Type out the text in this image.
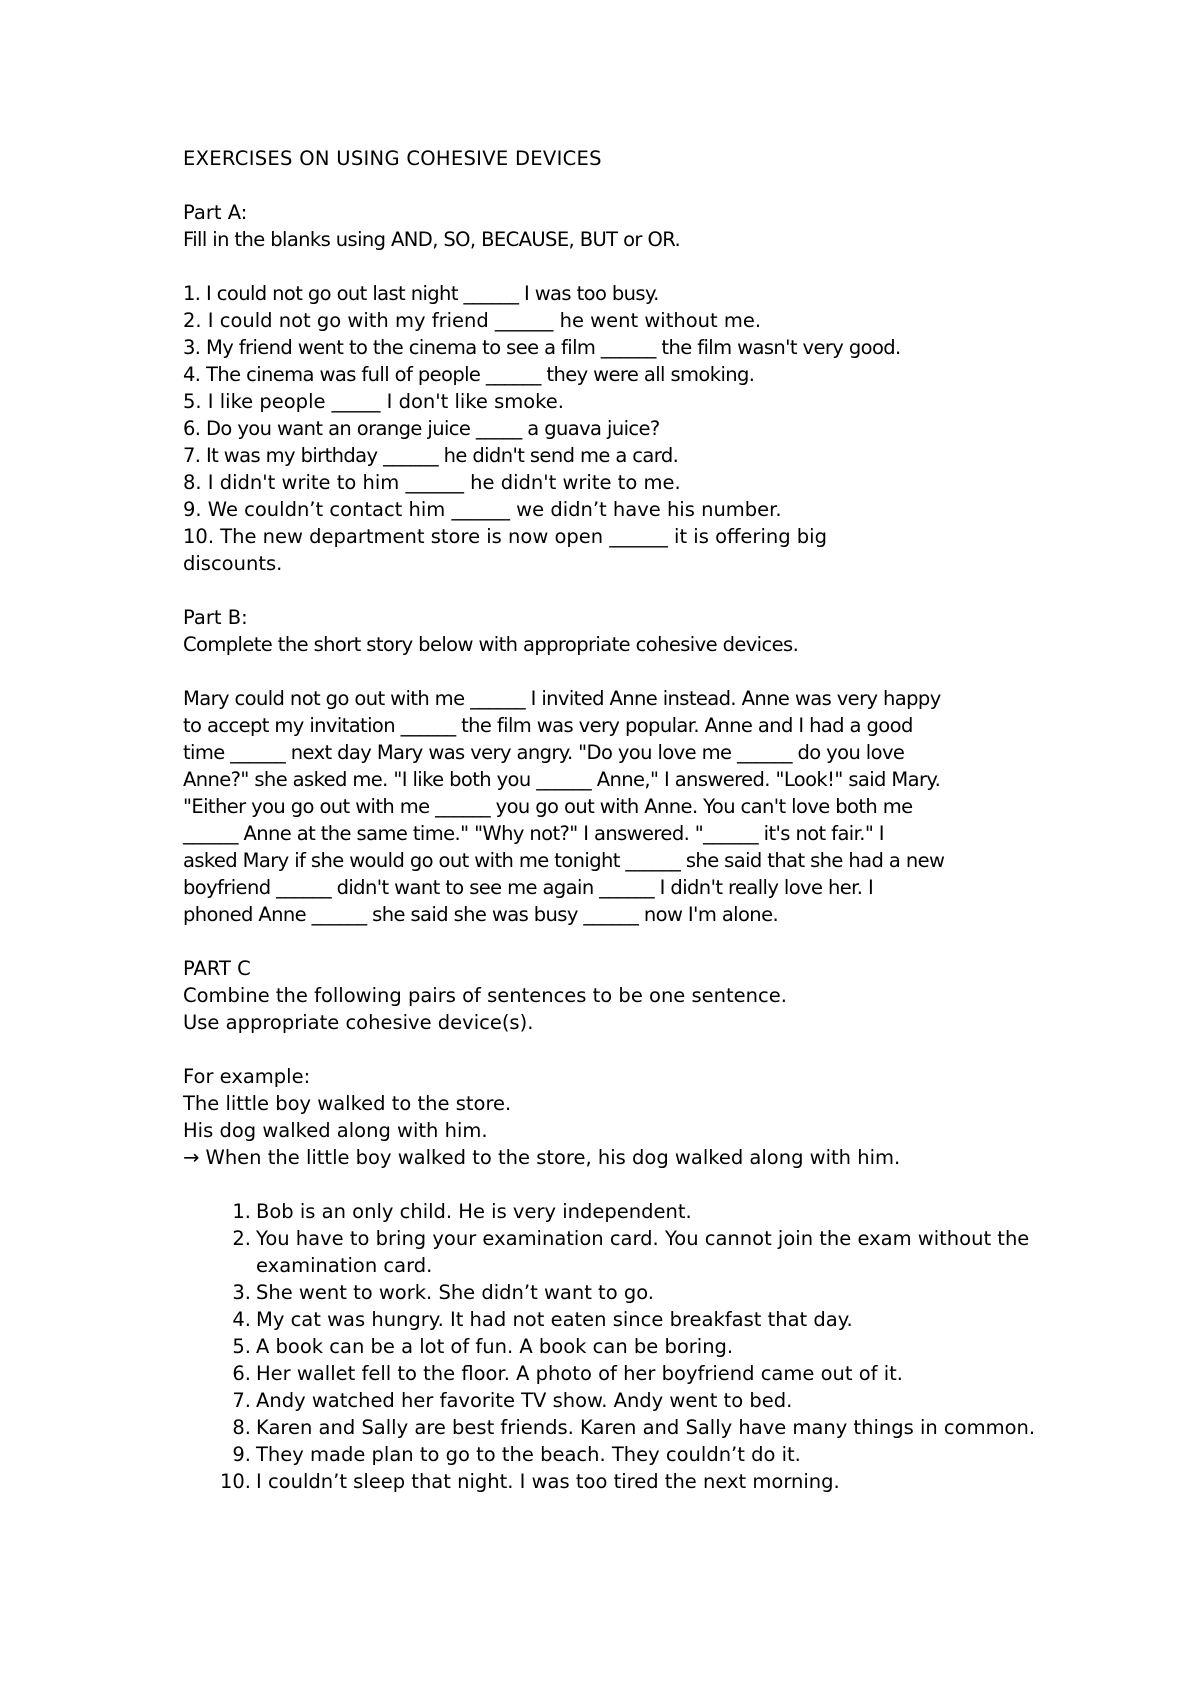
EXERCISES ON USING COHESIVE DEVICES
Part A:
Fill in the blanks using AND, SO, BECAUSE, BUT or OR.
1. I could not go out last night ______ I was too busy.
2. I could not go with my friend ______ he went without me.
3. My friend went to the cinema to see a film ______ the film wasn't very good.
4. The cinema was full of people ______ they were all smoking.
5. I like people _____ I don't like smoke.
6. Do you want an orange juice _____ a guava juice?
7. It was my birthday ______ he didn't send me a card.
8. I didn't write to him ______ he didn't write to me.
9. We couldn’t contact him ______ we didn’t have his number.
10. The new department store is now open ______ it is offering big
discounts.
Part B:
Complete the short story below with appropriate cohesive devices.
Mary could not go out with me ______ I invited Anne instead. Anne was very happy
to accept my invitation ______ the film was very popular. Anne and I had a good
time ______ next day Mary was very angry. "Do you love me ______ do you love
Anne?" she asked me. "I like both you ______ Anne," I answered. "Look!" said Mary.
"Either you go out with me ______ you go out with Anne. You can't love both me
______ Anne at the same time." "Why not?" I answered. "______ it's not fair." I
asked Mary if she would go out with me tonight ______ she said that she had a new
boyfriend ______ didn't want to see me again ______ I didn't really love her. I
phoned Anne ______ she said she was busy ______ now I'm alone.
PART C
Combine the following pairs of sentences to be one sentence.
Use appropriate cohesive device(s).
For example:
The little boy walked to the store.
His dog walked along with him.
→ When the little boy walked to the store, his dog walked along with him.
1. Bob is an only child. He is very independent.
2. You have to bring your examination card. You cannot join the exam without the examination card.
3. She went to work. She didn’t want to go.
4. My cat was hungry. It had not eaten since breakfast that day.
5. A book can be a lot of fun. A book can be boring.
6. Her wallet fell to the floor. A photo of her boyfriend came out of it.
7. Andy watched her favorite TV show. Andy went to bed.
8. Karen and Sally are best friends. Karen and Sally have many things in common.
9. They made plan to go to the beach. They couldn’t do it.
10. I couldn’t sleep that night. I was too tired the next morning.
